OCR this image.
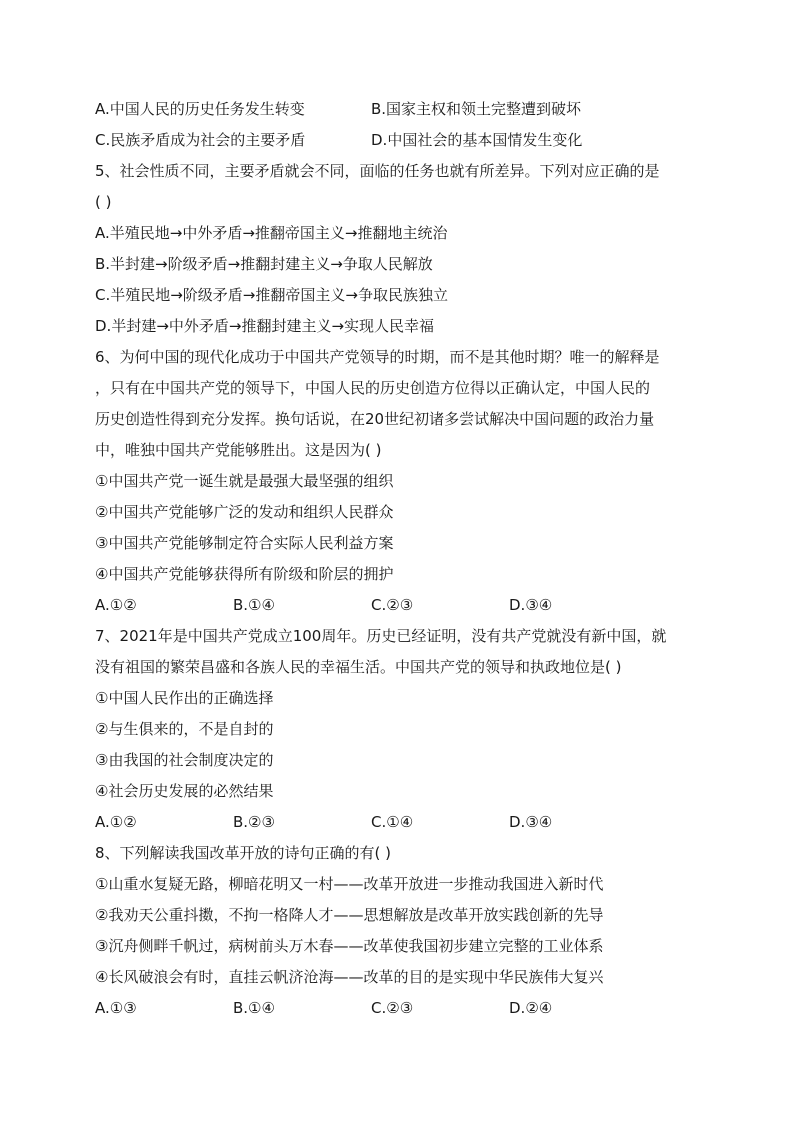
A.中国人民的历史任务发生转变	B.国家主权和领土完整遭到破坏
C.民族矛盾成为社会的主要矛盾	D.中国社会的基本国情发生变化
5、社会性质不同，主要矛盾就会不同，面临的任务也就有所差异。下列对应正确的是
( )
A.半殖民地→中外矛盾→推翻帝国主义→推翻地主统治
B.半封建→阶级矛盾→推翻封建主义→争取人民解放
C.半殖民地→阶级矛盾→推翻帝国主义→争取民族独立
D.半封建→中外矛盾→推翻封建主义→实现人民幸福
6、为何中国的现代化成功于中国共产党领导的时期，而不是其他时期？唯一的解释是
，只有在中国共产党的领导下，中国人民的历史创造方位得以正确认定，中国人民的
历史创造性得到充分发挥。换句话说，在20世纪初诸多尝试解决中国问题的政治力量
中，唯独中国共产党能够胜出。这是因为( )
①中国共产党一诞生就是最强大最坚强的组织
②中国共产党能够广泛的发动和组织人民群众
③中国共产党能够制定符合实际人民利益方案
④中国共产党能够获得所有阶级和阶层的拥护
A.①②	B.①④	C.②③	D.③④
7、2021年是中国共产党成立100周年。历史已经证明，没有共产党就没有新中国，就
没有祖国的繁荣昌盛和各族人民的幸福生活。中国共产党的领导和执政地位是( )
①中国人民作出的正确选择
②与生俱来的，不是自封的
③由我国的社会制度决定的
④社会历史发展的必然结果
A.①②	B.②③	C.①④	D.③④
8、下列解读我国改革开放的诗句正确的有( )
①山重水复疑无路，柳暗花明又一村——改革开放进一步推动我国进入新时代
②我劝天公重抖擞，不拘一格降人才——思想解放是改革开放实践创新的先导
③沉舟侧畔千帆过，病树前头万木春——改革使我国初步建立完整的工业体系
④长风破浪会有时，直挂云帆济沧海——改革的目的是实现中华民族伟大复兴
A.①③	B.①④	C.②③	D.②④
